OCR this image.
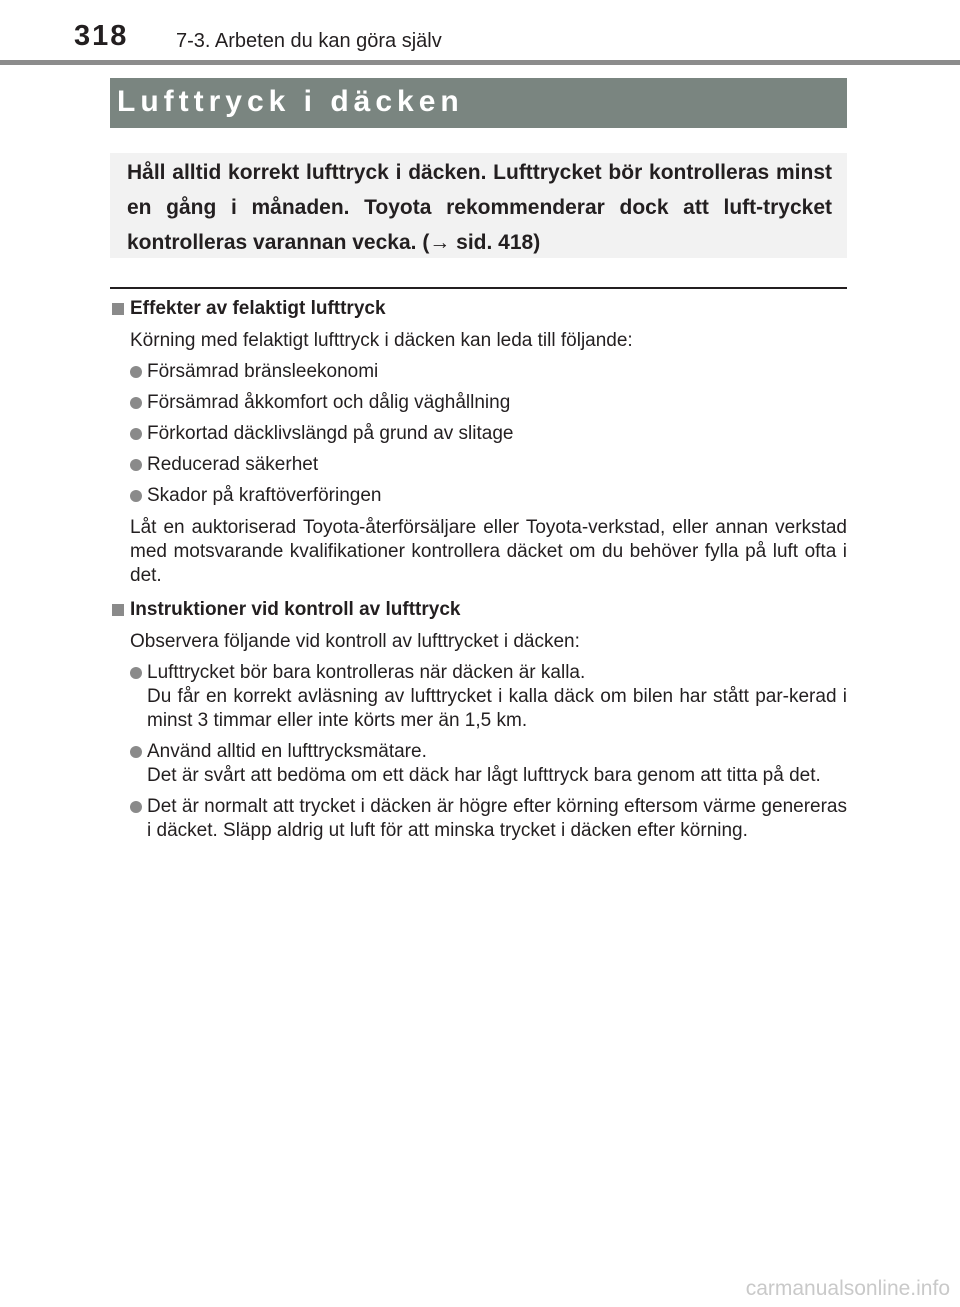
318 7-3. Arbeten du kan göra själv
Lufttryck i däcken
Håll alltid korrekt lufttryck i däcken. Lufttrycket bör kontrolleras minst en gång i månaden. Toyota rekommenderar dock att luft-trycket kontrolleras varannan vecka. (→ sid. 418)
Effekter av felaktigt lufttryck
Körning med felaktigt lufttryck i däcken kan leda till följande:
Försämrad bränsleekonomi
Försämrad åkkomfort och dålig väghållning
Förkortad däcklivslängd på grund av slitage
Reducerad säkerhet
Skador på kraftöverföringen
Låt en auktoriserad Toyota-återförsäljare eller Toyota-verkstad, eller annan verkstad med motsvarande kvalifikationer kontrollera däcket om du behöver fylla på luft ofta i det.
Instruktioner vid kontroll av lufttryck
Observera följande vid kontroll av lufttrycket i däcken:
Lufttrycket bör bara kontrolleras när däcken är kalla.
Du får en korrekt avläsning av lufttrycket i kalla däck om bilen har stått par-kerad i minst 3 timmar eller inte körts mer än 1,5 km.
Använd alltid en lufttrycksmätare.
Det är svårt att bedöma om ett däck har lågt lufttryck bara genom att titta på det.
Det är normalt att trycket i däcken är högre efter körning eftersom värme genereras i däcket. Släpp aldrig ut luft för att minska trycket i däcken efter körning.
carmanualsonline.info
